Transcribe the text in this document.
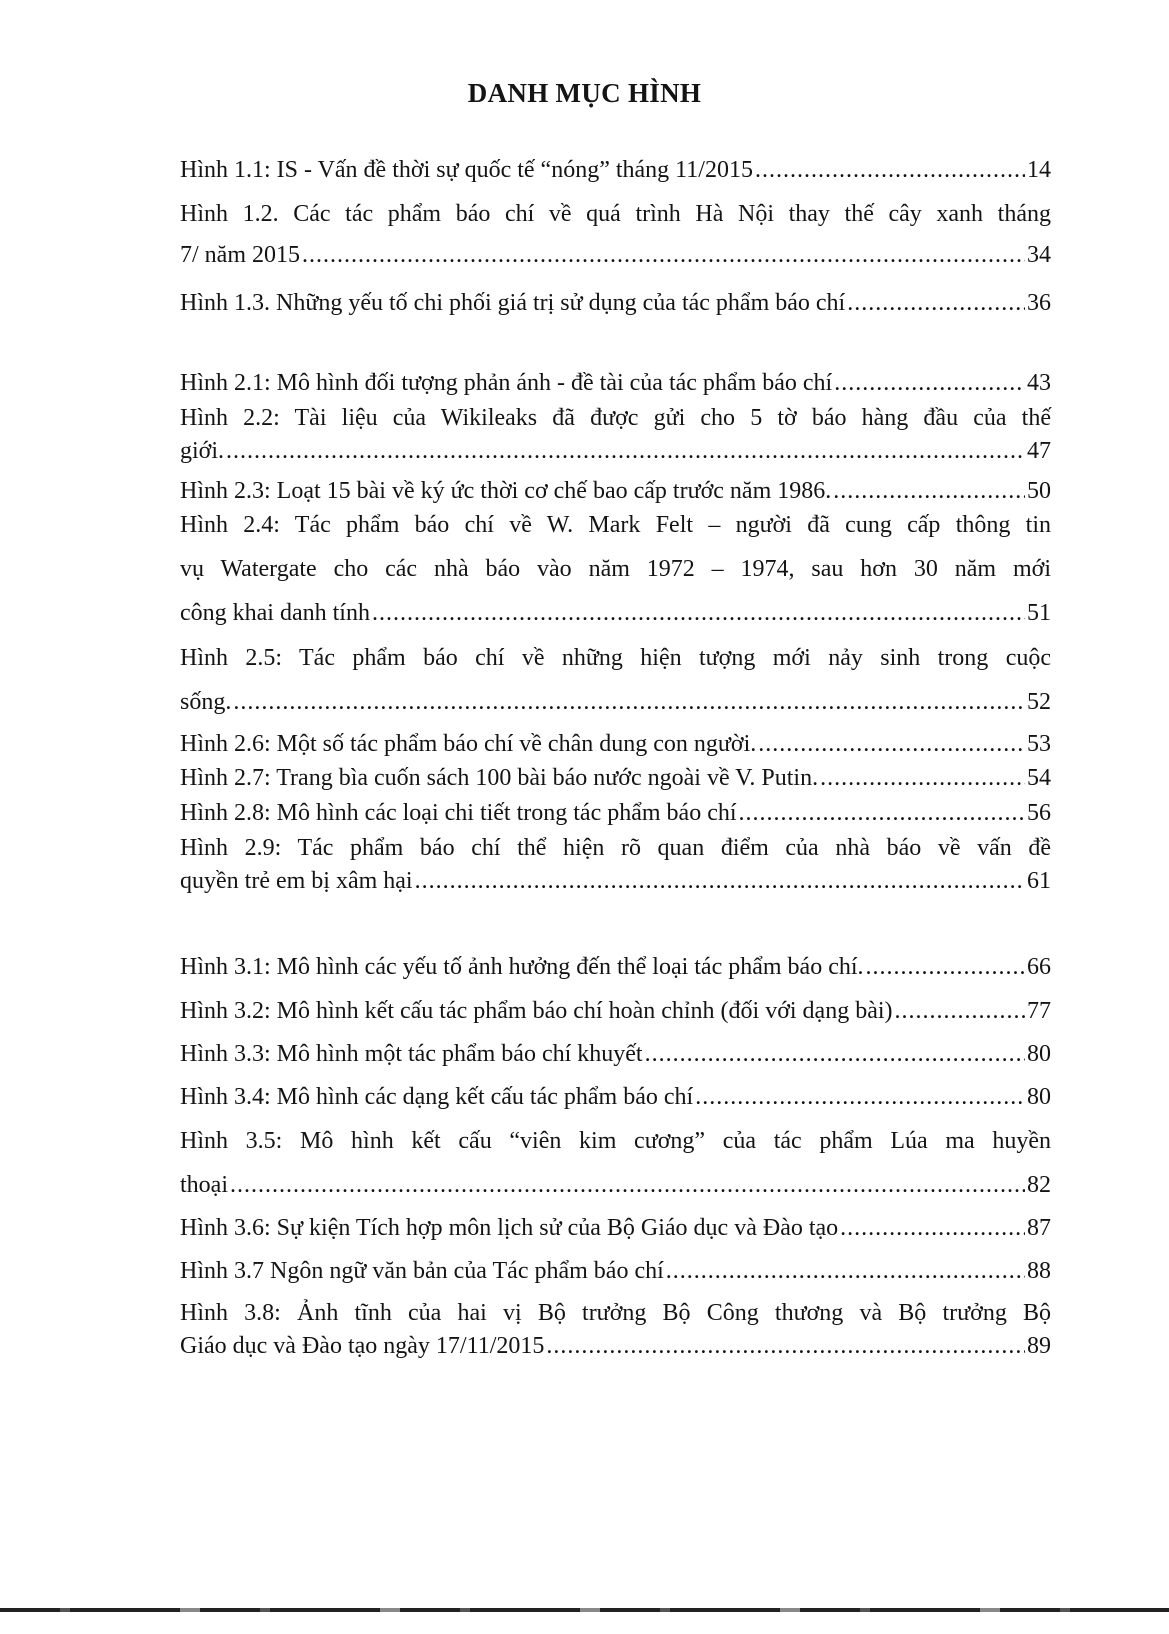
DANH MỤC HÌNH
Hình 1.1: IS - Vấn đề thời sự quốc tế “nóng” tháng 11/2015 .....	14
Hình 1.2. Các tác phẩm báo chí về quá trình Hà Nội thay thế cây xanh tháng
7/ năm 2015 .....	34
Hình 1.3. Những yếu tố chi phối giá trị sử dụng của tác phẩm báo chí .....	36
Hình 2.1: Mô hình đối tượng phản ánh - đề tài của tác phẩm báo chí .....	43
Hình 2.2: Tài liệu của Wikileaks đã được gửi cho 5 tờ báo hàng đầu của thế
giới. .....	47
Hình 2.3: Loạt 15 bài về ký ức thời cơ chế bao cấp trước năm 1986. .....	50
Hình 2.4: Tác phẩm báo chí về W. Mark Felt – người đã cung cấp thông tin
vụ Watergate cho các nhà báo vào năm 1972 – 1974, sau hơn 30 năm mới
công khai danh tính .....	51
Hình 2.5: Tác phẩm báo chí về những hiện tượng mới nảy sinh trong cuộc
sống. .....	52
Hình 2.6: Một số tác phẩm báo chí về chân dung con người. .....	53
Hình 2.7: Trang bìa cuốn sách 100 bài báo nước ngoài về V. Putin. .....	54
Hình 2.8: Mô hình các loại chi tiết trong tác phẩm báo chí .....	56
Hình 2.9: Tác phẩm báo chí thể hiện rõ quan điểm của nhà báo về vấn đề
quyền trẻ em bị xâm hại .....	61
Hình 3.1: Mô hình các yếu tố ảnh hưởng đến thể loại tác phẩm báo chí. .....	66
Hình 3.2: Mô hình kết cấu tác phẩm báo chí hoàn chỉnh (đối với dạng bài) .....	77
Hình 3.3: Mô hình một tác phẩm báo chí khuyết .....	80
Hình 3.4: Mô hình các dạng kết cấu tác phẩm báo chí .....	80
Hình 3.5: Mô hình kết cấu “viên kim cương” của tác phẩm Lúa ma huyền
thoại .....	82
Hình 3.6: Sự kiện Tích hợp môn lịch sử của Bộ Giáo dục và Đào tạo .....	87
Hình 3.7 Ngôn ngữ văn bản của Tác phẩm báo chí .....	88
Hình 3.8: Ảnh tĩnh của hai vị Bộ trưởng Bộ Công thương và Bộ trưởng Bộ
Giáo dục và Đào tạo ngày 17/11/2015 .....	89
